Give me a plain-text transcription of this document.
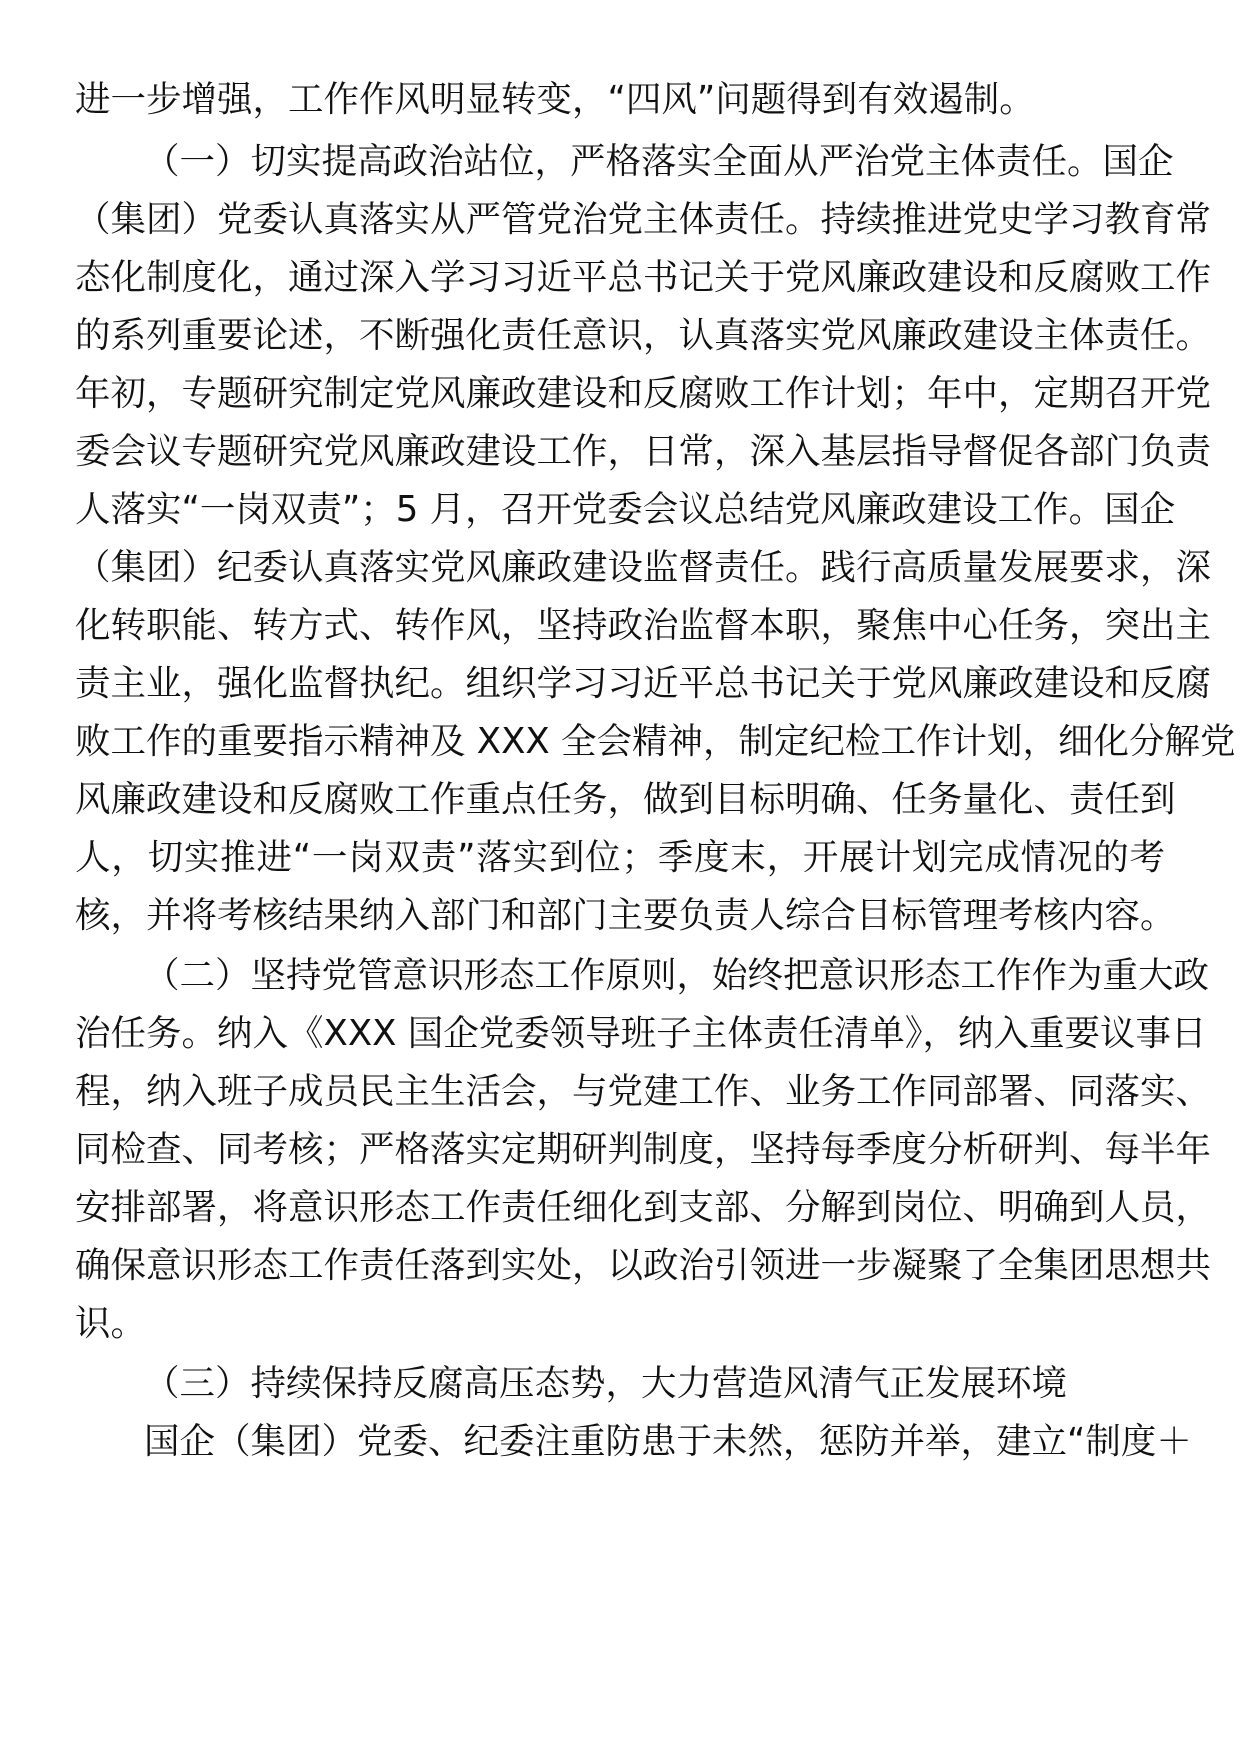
进一步增强，工作作风明显转变，“四风”问题得到有效遏制。
（一）切实提高政治站位，严格落实全面从严治党主体责任。国企
（集团）党委认真落实从严管党治党主体责任。持续推进党史学习教育常
态化制度化，通过深入学习习近平总书记关于党风廉政建设和反腐败工作
的系列重要论述，不断强化责任意识，认真落实党风廉政建设主体责任。
年初，专题研究制定党风廉政建设和反腐败工作计划；年中，定期召开党
委会议专题研究党风廉政建设工作，日常，深入基层指导督促各部门负责
人落实“一岗双责”；5 月，召开党委会议总结党风廉政建设工作。国企
（集团）纪委认真落实党风廉政建设监督责任。践行高质量发展要求，深
化转职能、转方式、转作风，坚持政治监督本职，聚焦中心任务，突出主
责主业，强化监督执纪。组织学习习近平总书记关于党风廉政建设和反腐
败工作的重要指示精神及 XXX 全会精神，制定纪检工作计划，细化分解党
风廉政建设和反腐败工作重点任务，做到目标明确、任务量化、责任到
人，切实推进“一岗双责”落实到位；季度末，开展计划完成情况的考
核，并将考核结果纳入部门和部门主要负责人综合目标管理考核内容。
（二）坚持党管意识形态工作原则，始终把意识形态工作作为重大政
治任务。纳入《XXX 国企党委领导班子主体责任清单》，纳入重要议事日
程，纳入班子成员民主生活会，与党建工作、业务工作同部署、同落实、
同检查、同考核；严格落实定期研判制度，坚持每季度分析研判、每半年
安排部署，将意识形态工作责任细化到支部、分解到岗位、明确到人员，
确保意识形态工作责任落到实处，以政治引领进一步凝聚了全集团思想共
识。
（三）持续保持反腐高压态势，大力营造风清气正发展环境
国企（集团）党委、纪委注重防患于未然，惩防并举，建立“制度＋
